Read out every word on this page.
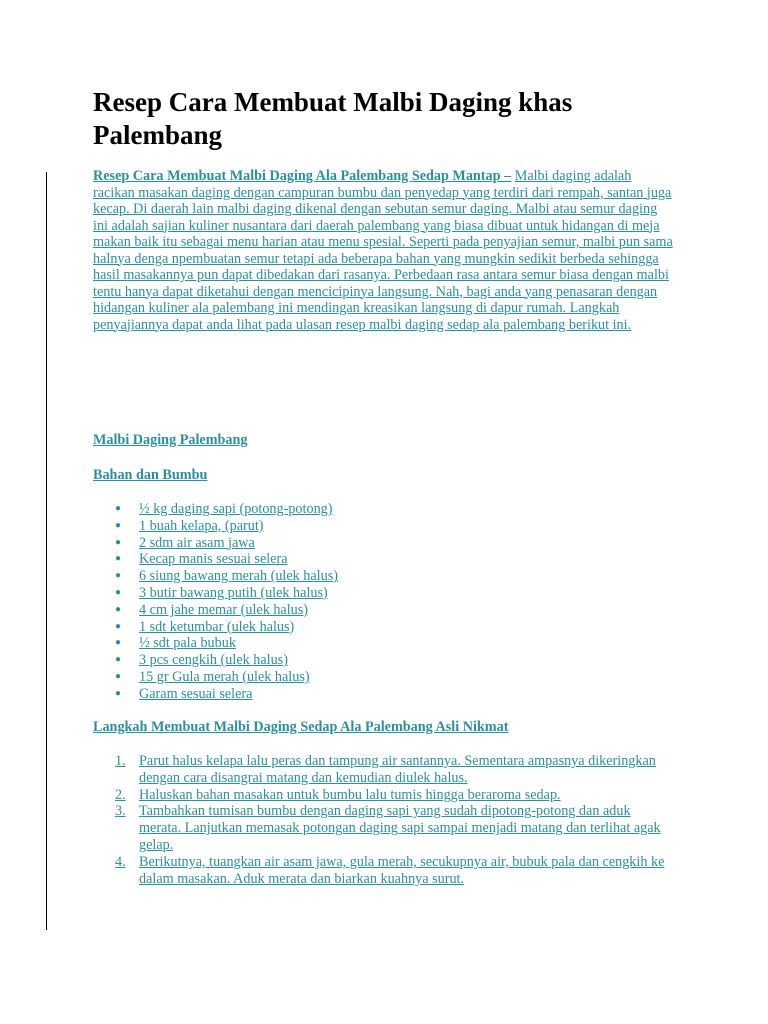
Resep Cara Membuat Malbi Daging khas Palembang

Resep Cara Membuat Malbi Daging Ala Palembang Sedap Mantap – Malbi daging adalah racikan masakan daging dengan campuran bumbu dan penyedap yang terdiri dari rempah, santan juga kecap. Di daerah lain malbi daging dikenal dengan sebutan semur daging. Malbi atau semur daging ini adalah sajian kuliner nusantara dari daerah palembang yang biasa dibuat untuk hidangan di meja makan baik itu sebagai menu harian atau menu spesial. Seperti pada penyajian semur, malbi pun sama halnya denga npembuatan semur tetapi ada beberapa bahan yang mungkin sedikit berbeda sehingga hasil masakannya pun dapat dibedakan dari rasanya. Perbedaan rasa antara semur biasa dengan malbi tentu hanya dapat diketahui dengan mencicipinya langsung. Nah, bagi anda yang penasaran dengan hidangan kuliner ala palembang ini mendingan kreasikan langsung di dapur rumah. Langkah penyajiannya dapat anda lihat pada ulasan resep malbi daging sedap ala palembang berikut ini.

Malbi Daging Palembang

Bahan dan Bumbu

● ½ kg daging sapi (potong-potong)
● 1 buah kelapa, (parut)
● 2 sdm air asam jawa
● Kecap manis sesuai selera
● 6 siung bawang merah (ulek halus)
● 3 butir bawang putih (ulek halus)
● 4 cm jahe memar (ulek halus)
● 1 sdt ketumbar (ulek halus)
● ½ sdt pala bubuk
● 3 pcs cengkih (ulek halus)
● 15 gr Gula merah (ulek halus)
● Garam sesuai selera

Langkah Membuat Malbi Daging Sedap Ala Palembang Asli Nikmat

1. Parut halus kelapa lalu peras dan tampung air santannya. Sementara ampasnya dikeringkan dengan cara disangrai matang dan kemudian diulek halus.
2. Haluskan bahan masakan untuk bumbu lalu tumis hingga beraroma sedap.
3. Tambahkan tumisan bumbu dengan daging sapi yang sudah dipotong-potong dan aduk merata. Lanjutkan memasak potongan daging sapi sampai menjadi matang dan terlihat agak gelap.
4. Berikutnya, tuangkan air asam jawa, gula merah, secukupnya air, bubuk pala dan cengkih ke dalam masakan. Aduk merata dan biarkan kuahnya surut.
